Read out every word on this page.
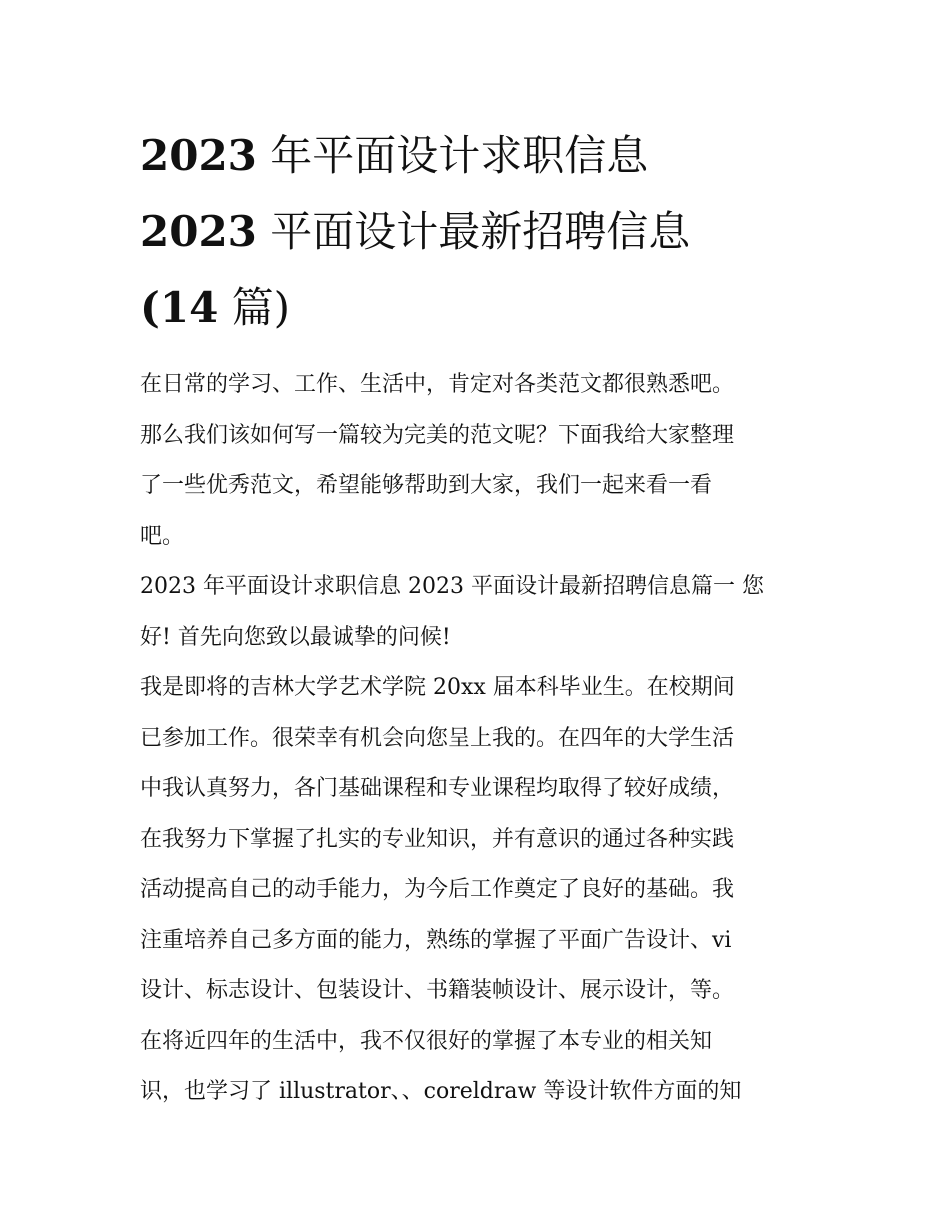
2023 年平面设计求职信息
2023 平面设计最新招聘信息
(14 篇)

在日常的学习、工作、生活中，肯定对各类范文都很熟悉吧。
那么我们该如何写一篇较为完美的范文呢？下面我给大家整理
了一些优秀范文，希望能够帮助到大家，我们一起来看一看
吧。

2023 年平面设计求职信息 2023 平面设计最新招聘信息篇一 您
好! 首先向您致以最诚挚的问候!

我是即将的吉林大学艺术学院 20xx 届本科毕业生。在校期间
已参加工作。很荣幸有机会向您呈上我的。在四年的大学生活
中我认真努力，各门基础课程和专业课程均取得了较好成绩，
在我努力下掌握了扎实的专业知识，并有意识的通过各种实践
活动提高自己的动手能力，为今后工作奠定了良好的基础。我
注重培养自己多方面的能力，熟练的掌握了平面广告设计、vi
设计、标志设计、包装设计、书籍装帧设计、展示设计，等。
在将近四年的生活中，我不仅很好的掌握了本专业的相关知
识，也学习了 illustrator、、coreldraw 等设计软件方面的知
